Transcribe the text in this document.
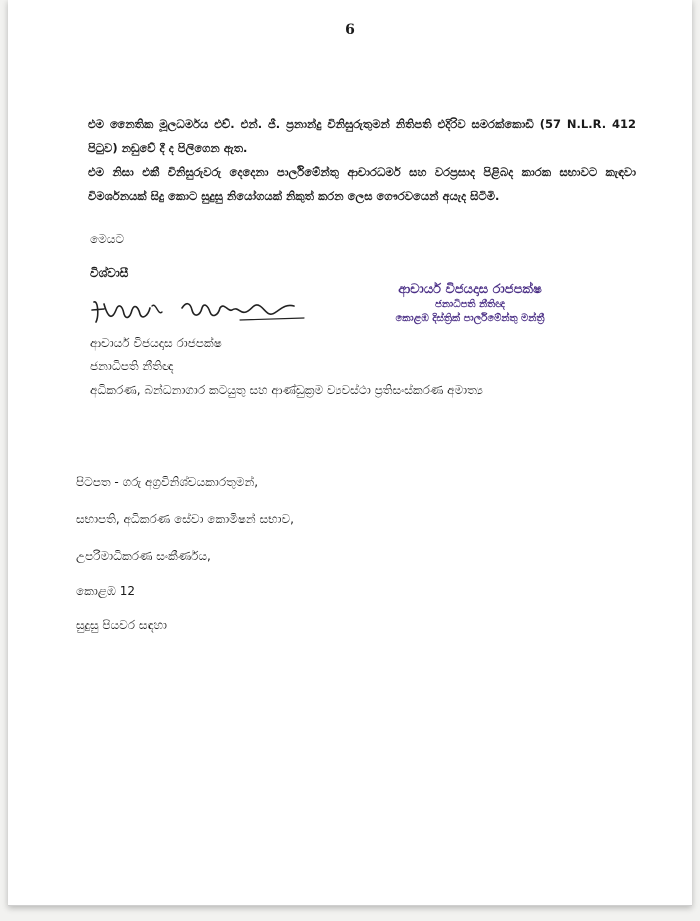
6
එම නෛතික මූලධර්මය එච්. එන්. ජී. ප්‍රනාන්දු විනිසුරුතුමන් නිතිපති එදිරිව සමරක්කොඩි (57 N.L.R. 412 පිටුව) නඩුවේ දී ද පිලිගෙන ඇත.
එම නිසා එකී විනිසුරුවරු දෙදෙනා පාර්ලිමේන්තු ආචාරධර්ම සහ වරප්‍රසාද පිළිබද කාරක සභාවට කැඳවා විමර්ශනයක් සිදු කොට සුදුසු නියෝගයක් නිකුත් කරන ලෙස ගෞරවයෙන් අයැද සිටිමි.
මෙයට
විශ්වාසී
ආචාර්ය විජයදාස රාජපක්ෂ
ජනාධිපති නීතිඥ
අධිකරණ, බන්ධනාගාර කටයුතු සහ ආණ්ඩුක්‍රම ව්‍යවස්ථා ප්‍රතිසංස්කරණ අමාත්‍ය
ආචාර්ය විජයදාස රාජපක්ෂ
ජනාධිපති නීතිඥ
කොළඹ දිස්ත්‍රික් පාර්ලිමේන්තු මන්ත්‍රී
පිටපත - ගරු අග්‍රවිනිශ්චයකාරතුමන්,
සභාපති, අධිකරණ සේවා කොමිෂන් සභාව,
උපරිමාධිකරණ සංකීර්ණය,
කොළඹ 12
සුදුසු පියවර සඳහා
